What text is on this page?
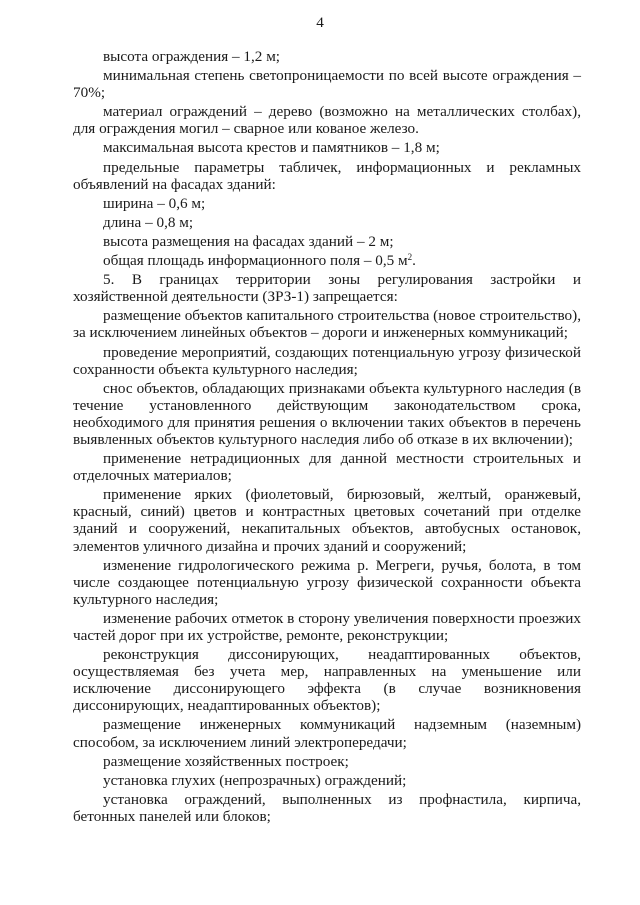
4
высота ограждения – 1,2 м;
минимальная степень светопроницаемости по всей высоте ограждения – 70%;
материал ограждений – дерево (возможно на металлических столбах), для ограждения могил – сварное или кованое железо.
максимальная высота крестов и памятников – 1,8 м;
предельные параметры табличек, информационных и рекламных объявлений на фасадах зданий:
ширина – 0,6 м;
длина – 0,8 м;
высота размещения на фасадах зданий – 2 м;
общая площадь информационного поля – 0,5 $м^2$.
5. В границах территории зоны регулирования застройки и хозяйственной деятельности (ЗРЗ-1) запрещается:
размещение объектов капитального строительства (новое строительство), за исключением линейных объектов – дороги и инженерных коммуникаций;
проведение мероприятий, создающих потенциальную угрозу физической сохранности объекта культурного наследия;
снос объектов, обладающих признаками объекта культурного наследия (в течение установленного действующим законодательством срока, необходимого для принятия решения о включении таких объектов в перечень выявленных объектов культурного наследия либо об отказе в их включении);
применение нетрадиционных для данной местности строительных и отделочных материалов;
применение ярких (фиолетовый, бирюзовый, желтый, оранжевый, красный, синий) цветов и контрастных цветовых сочетаний при отделке зданий и сооружений, некапитальных объектов, автобусных остановок, элементов уличного дизайна и прочих зданий и сооружений;
изменение гидрологического режима р. Мегреги, ручья, болота, в том числе создающее потенциальную угрозу физической сохранности объекта культурного наследия;
изменение рабочих отметок в сторону увеличения поверхности проезжих частей дорог при их устройстве, ремонте, реконструкции;
реконструкция диссонирующих, неадаптированных объектов, осуществляемая без учета мер, направленных на уменьшение или исключение диссонирующего эффекта (в случае возникновения диссонирующих, неадаптированных объектов);
размещение инженерных коммуникаций надземным (наземным) способом, за исключением линий электропередачи;
размещение хозяйственных построек;
установка глухих (непрозрачных) ограждений;
установка ограждений, выполненных из профнастила, кирпича, бетонных панелей или блоков;
